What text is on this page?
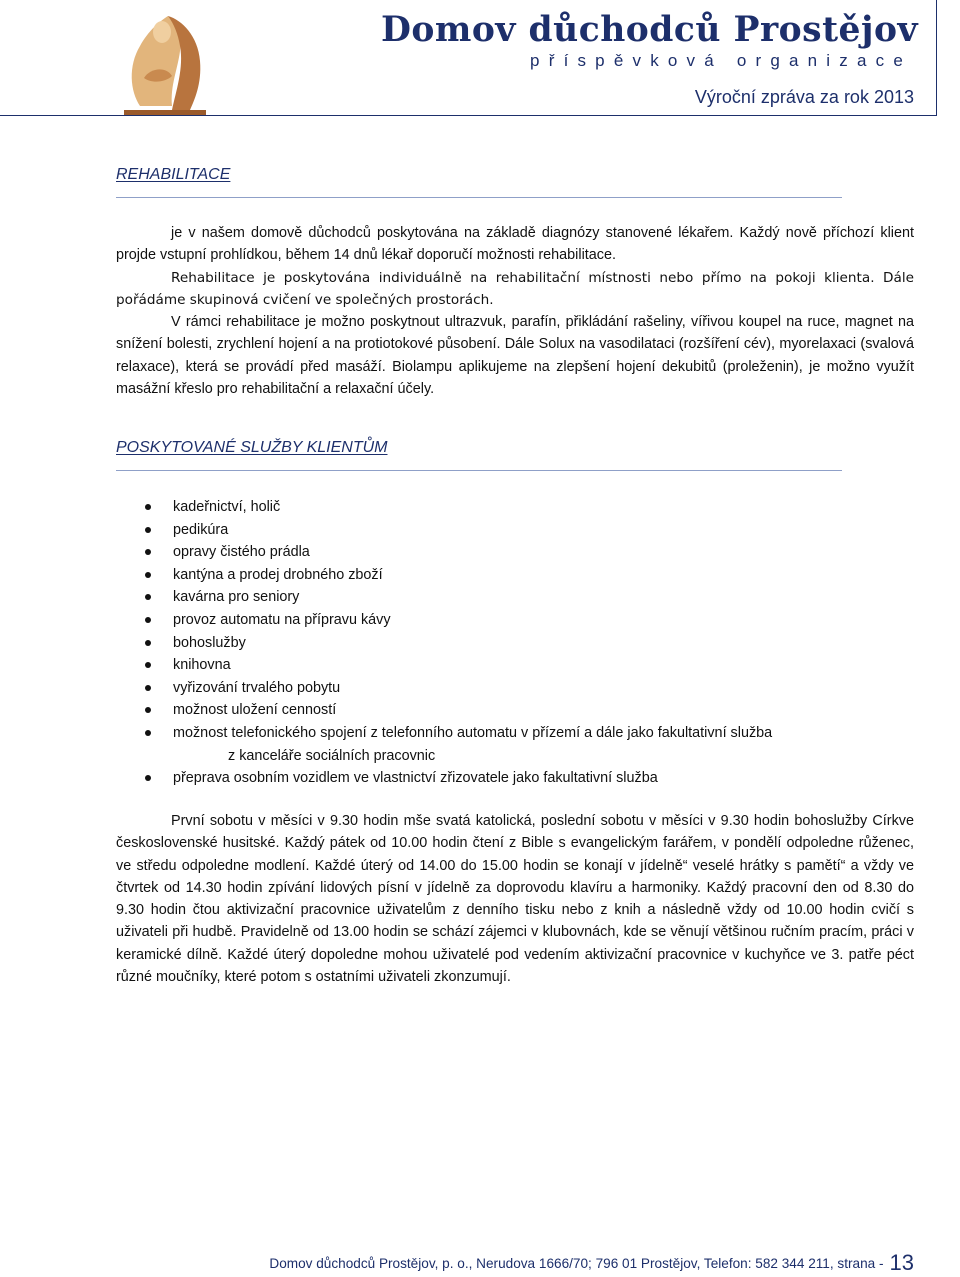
Domov důchodců Prostějov
příspěvková organizace
Výroční zpráva za rok 2013
REHABILITACE

je v našem domově důchodců poskytována na základě diagnózy stanovené lékařem. Každý nově příchozí klient projde vstupní prohlídkou, během 14 dnů lékař doporučí možnosti rehabilitace.

Rehabilitace je poskytována individuálně na rehabilitační místnosti nebo přímo na pokoji klienta. Dále pořádáme skupinová cvičení ve společných prostorách.

V rámci rehabilitace je možno poskytnout ultrazvuk, parafín, přikládání rašeliny, vířivou koupel na ruce, magnet na snížení bolesti, zrychlení hojení a na protiotokové působení. Dále Solux na vasodilataci (rozšíření cév), myorelaxaci (svalová relaxace), která se provádí před masáží. Biolampu aplikujeme na zlepšení hojení dekubitů (proleženin), je možno využít masážní křeslo pro rehabilitační a relaxační účely.

POSKYTOVANÉ SLUŽBY KLIENTŮM
kadeřnictví, holič
pedikúra
opravy čistého prádla
kantýna a prodej drobného zboží
kavárna pro seniory
provoz automatu na přípravu kávy
bohoslužby
knihovna
vyřizování trvalého pobytu
možnost uložení cenností
možnost telefonického spojení z telefonního automatu v přízemí a dále jako fakultativní služba
z kanceláře sociálních pracovnic
přeprava osobním vozidlem ve vlastnictví zřizovatele jako fakultativní služba

První sobotu v měsíci v 9.30 hodin mše svatá katolická, poslední sobotu v měsíci v 9.30 hodin bohoslužby Církve československé husitské. Každý pátek od 10.00 hodin čtení z Bible s evangelickým farářem, v pondělí odpoledne růženec, ve středu odpoledne modlení. Každé úterý od 14.00 do 15.00 hodin se konají v jídelně“ veselé hrátky s pamětí“ a vždy ve čtvrtek od 14.30 hodin zpívání lidových písní v jídelně za doprovodu klavíru a harmoniky. Každý pracovní den od 8.30 do 9.30 hodin čtou aktivizační pracovnice uživatelům z denního tisku nebo z knih a následně vždy od 10.00 hodin cvičí s uživateli při hudbě. Pravidelně od 13.00 hodin se schází zájemci v klubovnách, kde se věnují většinou ručním pracím, práci v keramické dílně. Každé úterý dopoledne mohou uživatelé pod vedením aktivizační pracovnice v kuchyňce ve 3. patře péct různé moučníky, které potom s ostatními uživateli zkonzumují.

Domov důchodců Prostějov, p. o., Nerudova 1666/70; 796 01 Prostějov, Telefon: 582 344 211, strana - 13
